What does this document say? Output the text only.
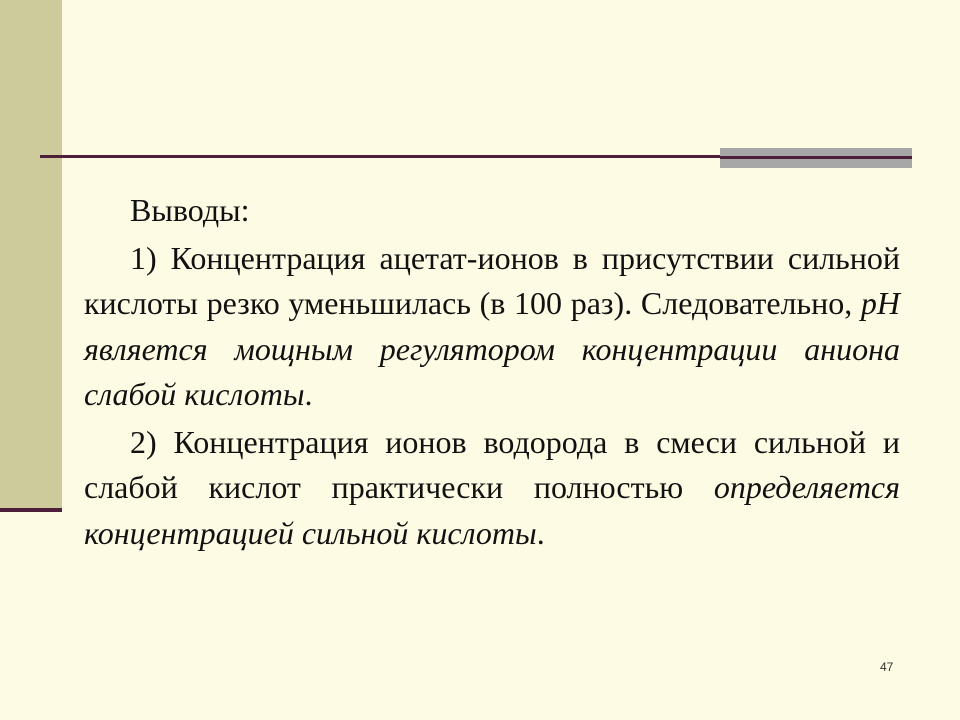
Выводы:

1) Концентрация ацетат-ионов в присутствии сильной кислоты резко уменьшилась (в 100 раз). Следовательно, pH является мощным регулятором концентрации аниона слабой кислоты.

2) Концентрация ионов водорода в смеси сильной и слабой кислот практически полностью определяется концентрацией сильной кислоты.

47
